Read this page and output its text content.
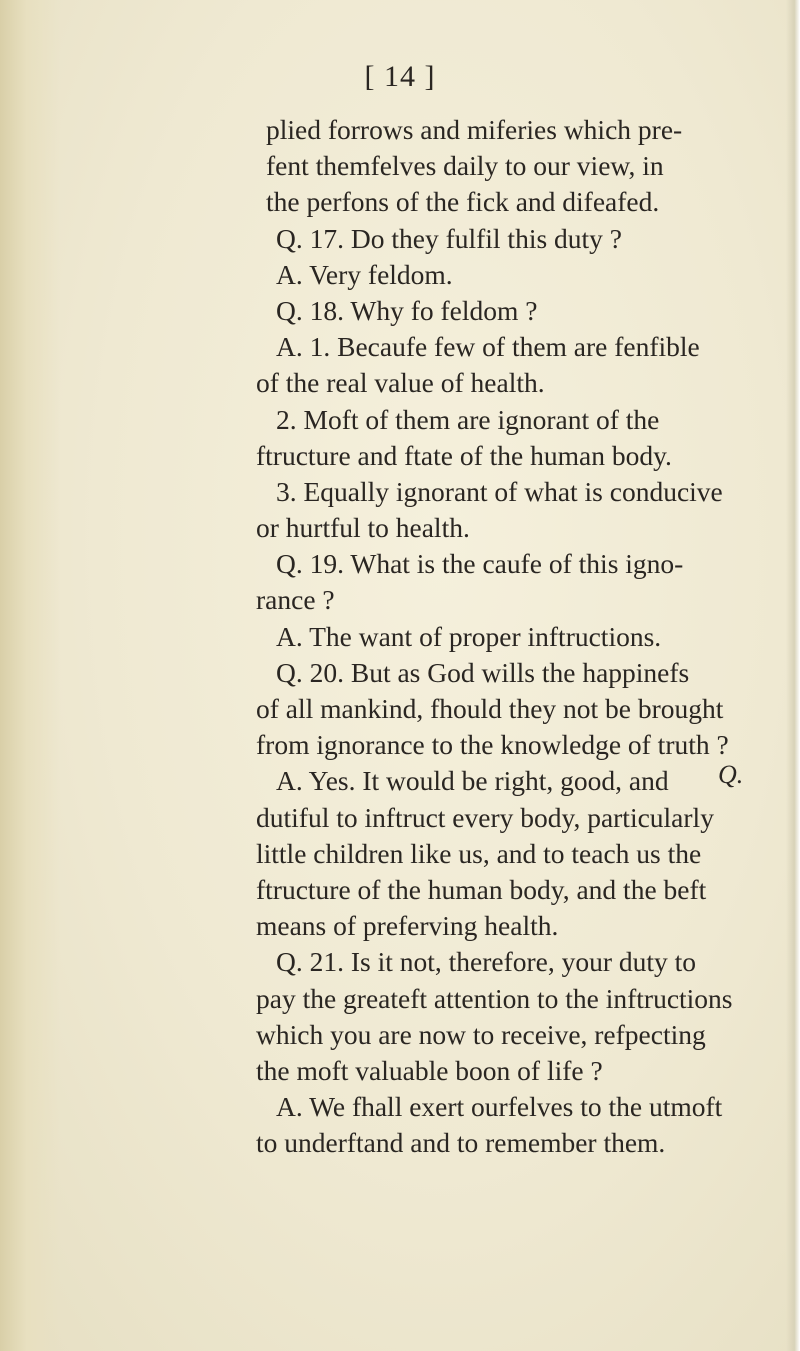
[ 14 ]
plied forrows and miferies which pre-
fent themfelves daily to our view, in
the perfons of the fick and difeafed.
Q. 17. Do they fulfil this duty ?
A. Very feldom.
Q. 18. Why fo feldom ?
A. 1. Becaufe few of them are fenfible
of the real value of health.
2. Moft of them are ignorant of the
ftructure and ftate of the human body.
3. Equally ignorant of what is conducive
or hurtful to health.
Q. 19. What is the caufe of this igno-
rance ?
A. The want of proper inftructions.
Q. 20. But as God wills the happinefs
of all mankind, fhould they not be brought
from ignorance to the knowledge of truth ?
A. Yes. It would be right, good, and
dutiful to inftruct every body, particularly
little children like us, and to teach us the
ftructure of the human body, and the beft
means of preferving health.
Q. 21. Is it not, therefore, your duty to
pay the greateft attention to the inftructions
which you are now to receive, refpecting
the moft valuable boon of life ?
A. We fhall exert ourfelves to the utmoft
to underftand and to remember them.
Q.
